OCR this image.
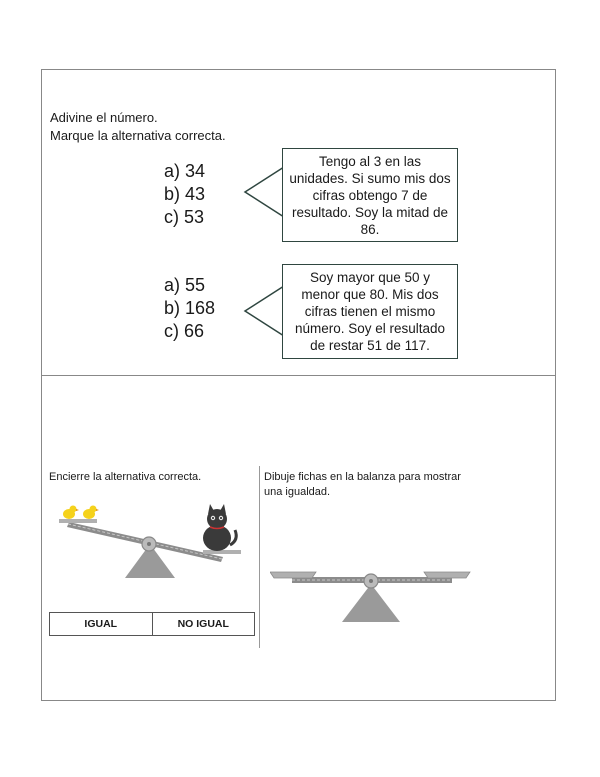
Adivine el número.
Marque la alternativa correcta.
a) 34
b) 43
c) 53
Tengo al 3 en las unidades. Si sumo mis dos cifras obtengo 7 de resultado. Soy la mitad de 86.
a) 55
b) 168
c) 66
Soy mayor que 50 y menor que 80. Mis dos cifras tienen el mismo número. Soy el resultado de restar 51 de 117.
Encierre la alternativa correcta.
IGUAL	NO IGUAL
Dibuje fichas en la balanza para mostrar una igualdad.
